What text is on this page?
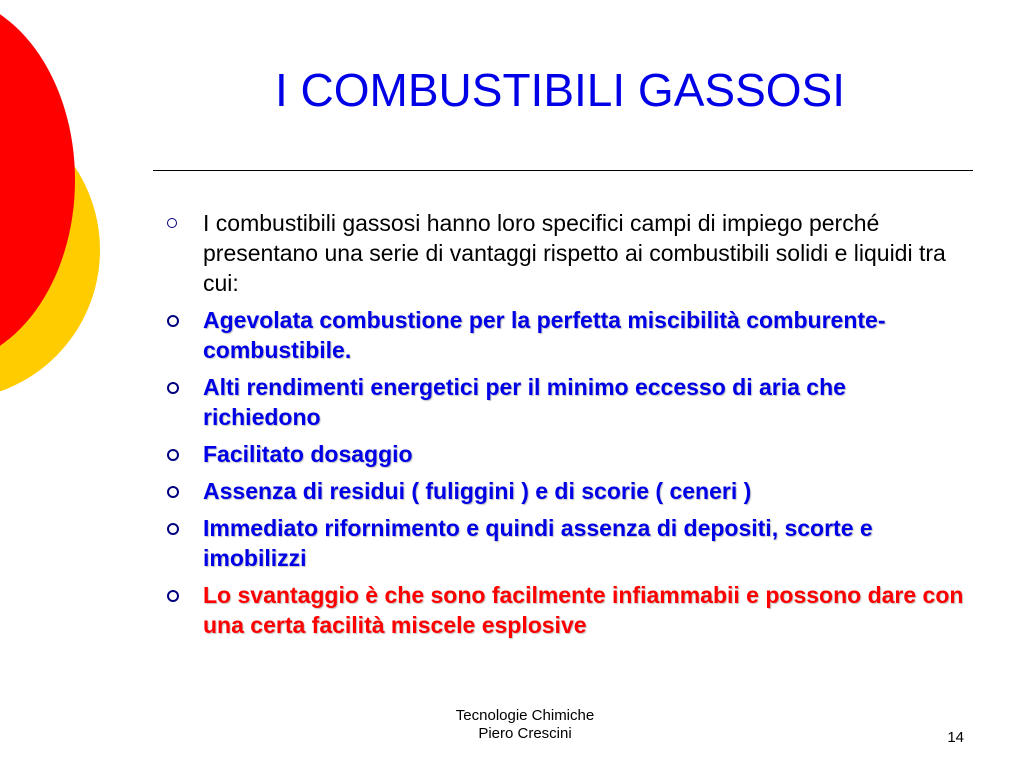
I COMBUSTIBILI GASSOSI
I combustibili gassosi hanno loro specifici campi di impiego perché presentano una serie di vantaggi rispetto ai combustibili solidi e liquidi tra cui:
Agevolata combustione per la perfetta miscibilità comburente-combustibile.
Alti rendimenti energetici per il minimo eccesso di aria che richiedono
Facilitato dosaggio
Assenza di residui ( fuliggini ) e di scorie ( ceneri )
Immediato rifornimento e quindi assenza di depositi, scorte e imobilizzi
Lo svantaggio è che sono facilmente infiammabii e possono dare con una certa facilità miscele esplosive
Tecnologie Chimiche
Piero Crescini	14
